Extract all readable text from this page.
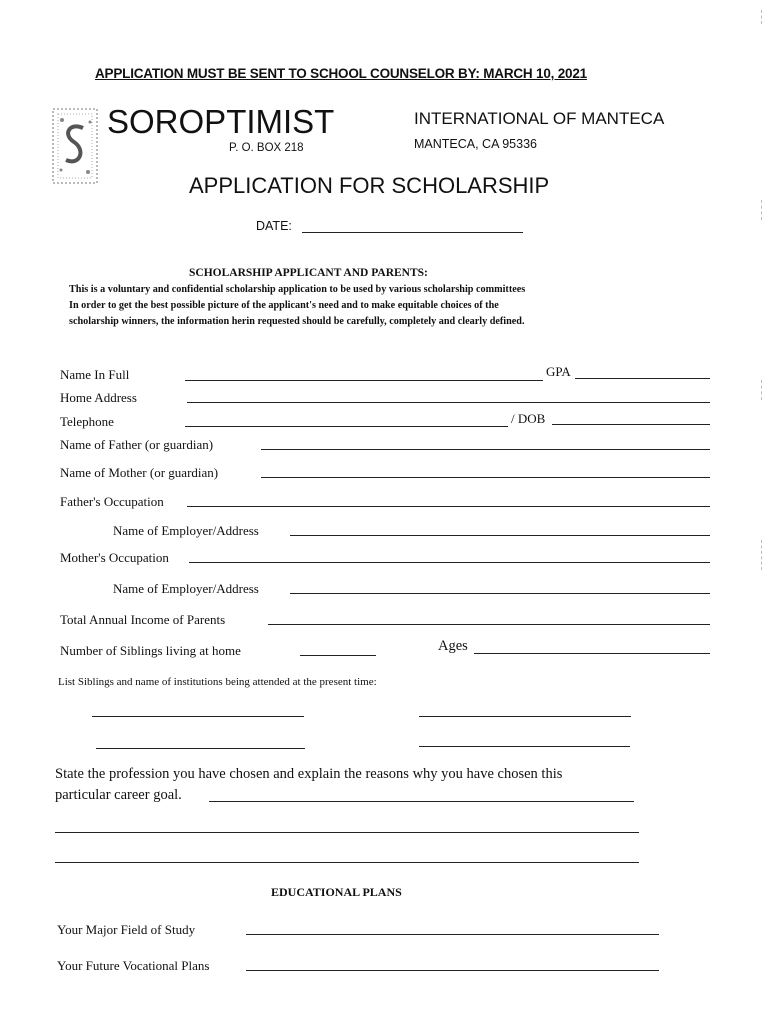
APPLICATION MUST BE SENT TO SCHOOL COUNSELOR BY: MARCH 10, 2021
SOROPTIMIST	INTERNATIONAL OF MANTECA
P. O. BOX 218	MANTECA, CA 95336
APPLICATION FOR SCHOLARSHIP
DATE:
SCHOLARSHIP APPLICANT AND PARENTS:
This is a voluntary and confidential scholarship application to be used by various scholarship committees
In order to get the best possible picture of the applicant's need and to make equitable choices of the
scholarship winners, the information herin requested should be carefully, completely and clearly defined.
Name In Full	GPA
Home Address
Telephone	/ DOB
Name of Father (or guardian)
Name of Mother (or guardian)
Father's Occupation
Name of Employer/Address
Mother's Occupation
Name of Employer/Address
Total Annual Income of Parents
Number of Siblings living at home	Ages
List Siblings and name of institutions being attended at the present time:
State the profession you have chosen and explain the reasons why you have chosen this
particular career goal.
EDUCATIONAL PLANS
Your Major Field of Study
Your Future Vocational Plans
